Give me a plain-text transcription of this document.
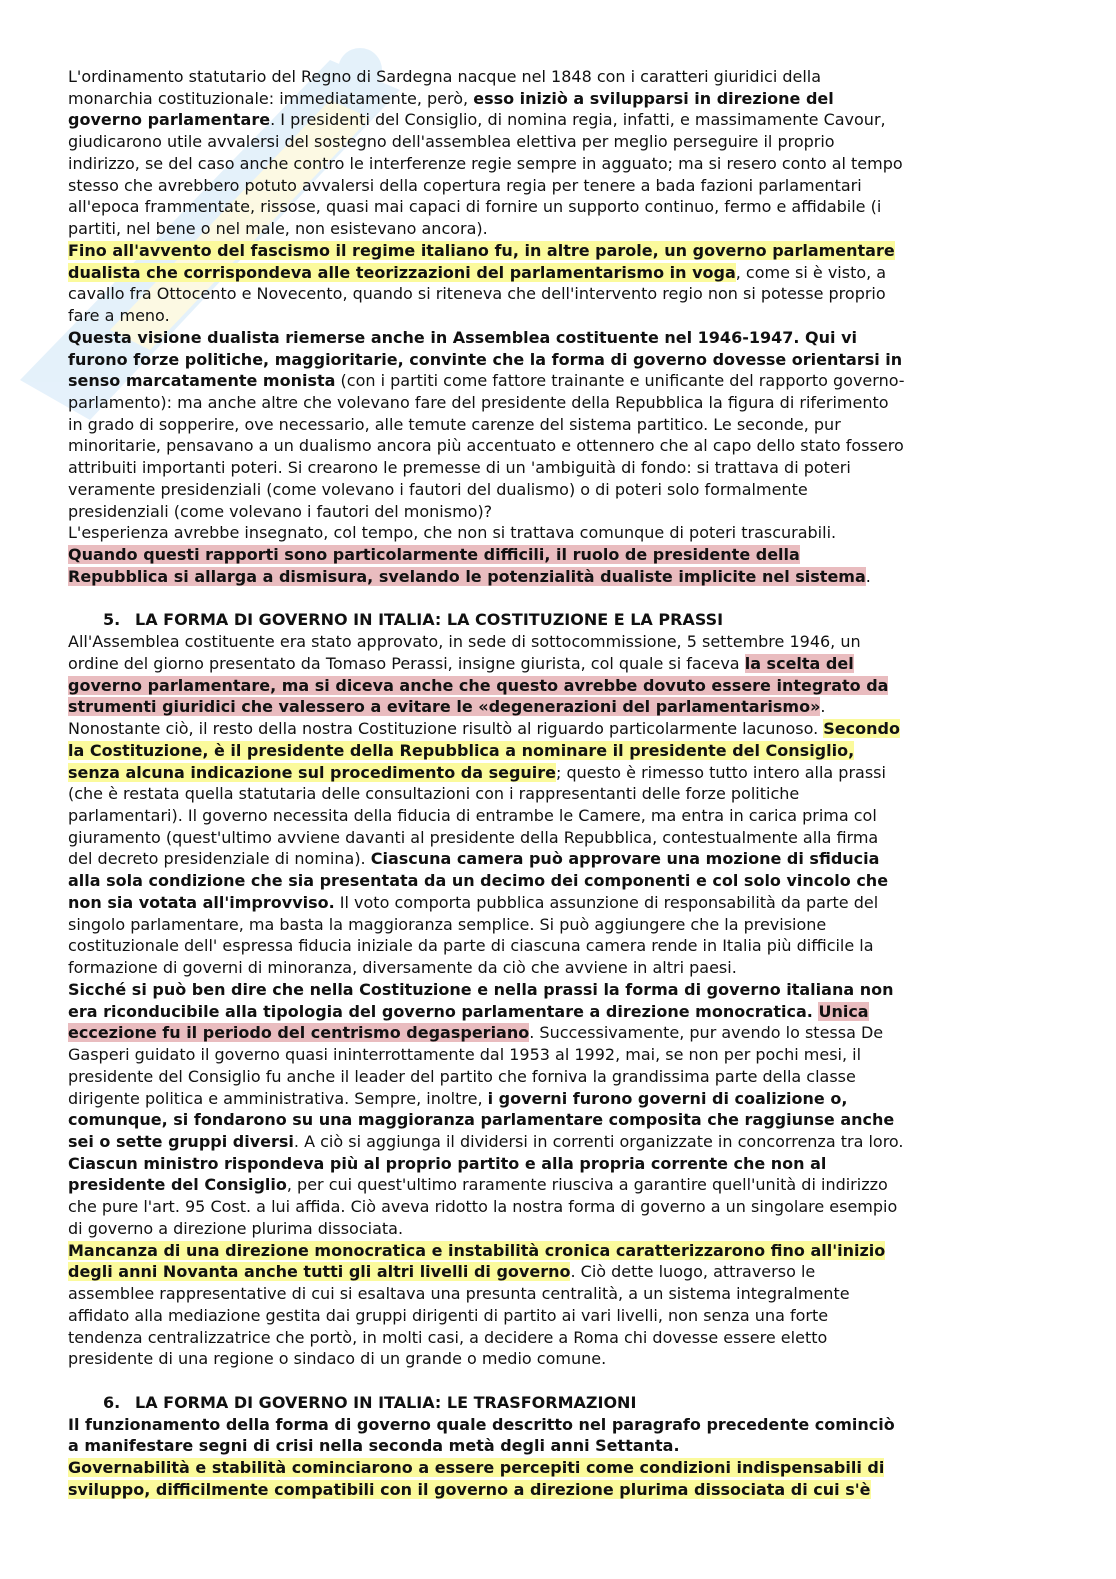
L'ordinamento statutario del Regno di Sardegna nacque nel 1848 con i caratteri giuridici della
monarchia costituzionale: immediatamente, però, esso iniziò a svilupparsi in direzione del
governo parlamentare. I presidenti del Consiglio, di nomina regia, infatti, e massimamente Cavour,
giudicarono utile avvalersi del sostegno dell'assemblea elettiva per meglio perseguire il proprio
indirizzo, se del caso anche contro le interferenze regie sempre in agguato; ma si resero conto al tempo
stesso che avrebbero potuto avvalersi della copertura regia per tenere a bada fazioni parlamentari
all'epoca frammentate, rissose, quasi mai capaci di fornire un supporto continuo, fermo e affidabile (i
partiti, nel bene o nel male, non esistevano ancora).
Fino all'avvento del fascismo il regime italiano fu, in altre parole, un governo parlamentare
dualista che corrispondeva alle teorizzazioni del parlamentarismo in voga, come si è visto, a
cavallo fra Ottocento e Novecento, quando si riteneva che dell'intervento regio non si potesse proprio
fare a meno.
Questa visione dualista riemerse anche in Assemblea costituente nel 1946-1947. Qui vi
furono forze politiche, maggioritarie, convinte che la forma di governo dovesse orientarsi in
senso marcatamente monista (con i partiti come fattore trainante e unificante del rapporto governo-
parlamento): ma anche altre che volevano fare del presidente della Repubblica la figura di riferimento
in grado di sopperire, ove necessario, alle temute carenze del sistema partitico. Le seconde, pur
minoritarie, pensavano a un dualismo ancora più accentuato e ottennero che al capo dello stato fossero
attribuiti importanti poteri. Si crearono le premesse di un 'ambiguità di fondo: si trattava di poteri
veramente presidenziali (come volevano i fautori del dualismo) o di poteri solo formalmente
presidenziali (come volevano i fautori del monismo)?
L'esperienza avrebbe insegnato, col tempo, che non si trattava comunque di poteri trascurabili.
Quando questi rapporti sono particolarmente difficili, il ruolo de presidente della
Repubblica si allarga a dismisura, svelando le potenzialità dualiste implicite nel sistema.
5. LA FORMA DI GOVERNO IN ITALIA: LA COSTITUZIONE E LA PRASSI
All'Assemblea costituente era stato approvato, in sede di sottocommissione, 5 settembre 1946, un
ordine del giorno presentato da Tomaso Perassi, insigne giurista, col quale si faceva la scelta del
governo parlamentare, ma si diceva anche che questo avrebbe dovuto essere integrato da
strumenti giuridici che valessero a evitare le «degenerazioni del parlamentarismo».
Nonostante ciò, il resto della nostra Costituzione risultò al riguardo particolarmente lacunoso. Secondo
la Costituzione, è il presidente della Repubblica a nominare il presidente del Consiglio,
senza alcuna indicazione sul procedimento da seguire; questo è rimesso tutto intero alla prassi
(che è restata quella statutaria delle consultazioni con i rappresentanti delle forze politiche
parlamentari). Il governo necessita della fiducia di entrambe le Camere, ma entra in carica prima col
giuramento (quest'ultimo avviene davanti al presidente della Repubblica, contestualmente alla firma
del decreto presidenziale di nomina). Ciascuna camera può approvare una mozione di sfiducia
alla sola condizione che sia presentata da un decimo dei componenti e col solo vincolo che
non sia votata all'improvviso. Il voto comporta pubblica assunzione di responsabilità da parte del
singolo parlamentare, ma basta la maggioranza semplice. Si può aggiungere che la previsione
costituzionale dell' espressa fiducia iniziale da parte di ciascuna camera rende in Italia più difficile la
formazione di governi di minoranza, diversamente da ciò che avviene in altri paesi.
Sicché si può ben dire che nella Costituzione e nella prassi la forma di governo italiana non
era riconducibile alla tipologia del governo parlamentare a direzione monocratica. Unica
eccezione fu il periodo del centrismo degasperiano. Successivamente, pur avendo lo stessa De
Gasperi guidato il governo quasi ininterrottamente dal 1953 al 1992, mai, se non per pochi mesi, il
presidente del Consiglio fu anche il leader del partito che forniva la grandissima parte della classe
dirigente politica e amministrativa. Sempre, inoltre, i governi furono governi di coalizione o,
comunque, si fondarono su una maggioranza parlamentare composita che raggiunse anche
sei o sette gruppi diversi. A ciò si aggiunga il dividersi in correnti organizzate in concorrenza tra loro.
Ciascun ministro rispondeva più al proprio partito e alla propria corrente che non al
presidente del Consiglio, per cui quest'ultimo raramente riusciva a garantire quell'unità di indirizzo
che pure l'art. 95 Cost. a lui affida. Ciò aveva ridotto la nostra forma di governo a un singolare esempio
di governo a direzione plurima dissociata.
Mancanza di una direzione monocratica e instabilità cronica caratterizzarono fino all'inizio
degli anni Novanta anche tutti gli altri livelli di governo. Ciò dette luogo, attraverso le
assemblee rappresentative di cui si esaltava una presunta centralità, a un sistema integralmente
affidato alla mediazione gestita dai gruppi dirigenti di partito ai vari livelli, non senza una forte
tendenza centralizzatrice che portò, in molti casi, a decidere a Roma chi dovesse essere eletto
presidente di una regione o sindaco di un grande o medio comune.
6. LA FORMA DI GOVERNO IN ITALIA: LE TRASFORMAZIONI
Il funzionamento della forma di governo quale descritto nel paragrafo precedente cominciò
a manifestare segni di crisi nella seconda metà degli anni Settanta.
Governabilità e stabilità cominciarono a essere percepiti come condizioni indispensabili di
sviluppo, difficilmente compatibili con il governo a direzione plurima dissociata di cui s'è
